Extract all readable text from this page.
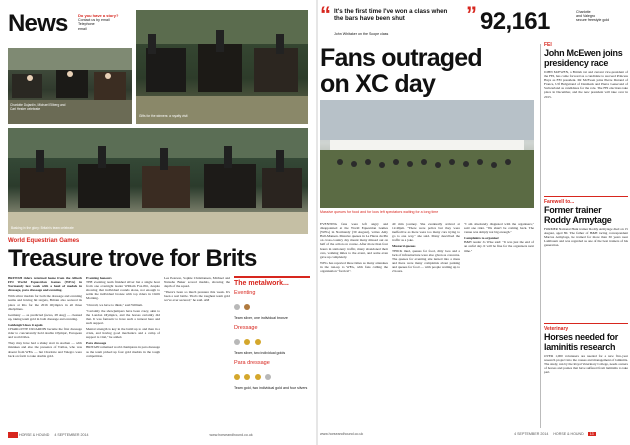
News	Do you have a story?
Contact us by email
Telephone
email
Charlotte Dujardin, Michael Eilberg and Carl Hester celebrate
Gifts for the winners: a royalty visit
Basking in the glory: Britain's team celebrate
World Equestrian Games
Treasure trove for Brits

BRITISH riders returned home from the Alltech FEI World Equestrian Games (WEG) in Normandy last week with a haul of medals in dressage, para dressage and eventing.

With silver medals for both the dressage and eventing teams and having hit targets, Britain also secured its place at Rio for the 2016 Olympics in all three disciplines.

Germany — as predicted (news, 28 Aug) — cleaned up, taking team gold in both dressage and eventing.

Goldengirl does it again

CHARLOTTE DUJARDIN became the first dressage rider to concurrently hold double Olympic, European and world titles.

They may have had a shaky start in Aachen — with mistakes and also the presence of Totilas, who was absent from WEG — but Charlotte and Valegro were back on form to take double gold.

Eventing honours

THE eventing team finished silver but a single hour from one overnight leader William Fox-Pitt, despite showing that individual rounds alone, not enough to settle the individual bronze with top riders in Chilli Morning.

"Overall, we have to think," said William.

"Certainly the showjumpers have been crazy, akin to the London Olympics, and the horses certainly did that. It was fantastic to have such a turnout here and such support.

Mental strength is key in the build up to and then in a crisis, and having good mechanics and a camp of support is vital," he added.

Para dressage

BRITAIN remained world champions in para dressage as the team picked up four gold medals in the tough competition.

Lee Pearson, Sophie Christiansen, Michael and Natasha Baker scored medals, showing the depth of the squad.

"There's been so much pressure this week. It's been a real battle. That's the toughest team gold we've ever secured," he said. AM

The metalwork...
Eventing

Team silver, one individual bronze
Dressage

Team silver, two individual golds
Para dressage

Team gold, two individual gold and four silvers
HORSE & HOUND 4 SEPTEMBER 2014	www.horseandhound.co.uk
“ It's the first time I've won a class when the bars have been shut
John Whitaker on the Scope class
” 92,161	Charlotte
and Valegro
secure freestyle gold
Fans outraged
on XC day
Massive queues for food and for loos left spectators waiting for a long time

EVENTING fans were left angry and disappointed at the World Equestrian Games (WEG) in Normandy (30 August), writes Amy Hall-Mansen. Massive queues in Le Haras du Pin on cross-country day meant many missed out on half of the action on course. After more than four hours in stationary traffic, many abandoned their cars, walking miles to the event, and some even gave up completely.

WEG has reported three times as many attendees in the run-up to WEG, with fans calling the organisation "farcical".

40 min journey. She eventually arrived at 12.40pm. "There were police but they were ineffective as there were too many cars trying to go to one way," she said. Many described the traffic as a joke.

Mustard queues

THICK mud, queues for food, dirty loos and a lack of infrastructure were also given as concerns. The queues for eventing site turned into a mess and there were many complaints about parking and queues for food — with people waiting up to 2 hours.

"I am absolutely disgusted with the organisers," said one rider. "We shan't be coming back. The venue was simply not big enough."

Complaints to organiser

H&H reader Jo Wise said: "It was just the end of an awful day. It will be fine for the organisers next time."

FEI
John McEwen joins presidency race
JOHN McEWEN, a British vet and current vice-president of the FEI, has come forward as a candidate to succeed Princess Haya as FEI president. Mr McEwen joins Pierre Durand of France, Ulf Helgstrand of Denmark and Pierre Genecand of Switzerland as candidates for the role. The FEI elections take place in December, and the new president will take over in 2015.
Farewell to...
Former trainer Roddy Armytage
FORMER National Hunt trainer Roddy Armytage died on 15 August, aged 80. The father of H&H racing correspondent Marcus Armytage, he trained for more than 30 years near Lambourn and was regarded as one of the best trainers of his generation.
Veterinary
Horses needed for laminitis research
OVER 1,000 volunteers are needed for a new five-year research project into the causes and management of laminitis. The study, run by the Royal Veterinary College, needs owners of horses and ponies that have suffered from laminitis to take part.
www.horseandhound.co.uk	4 SEPTEMBER 2014 HORSE & HOUND 13
